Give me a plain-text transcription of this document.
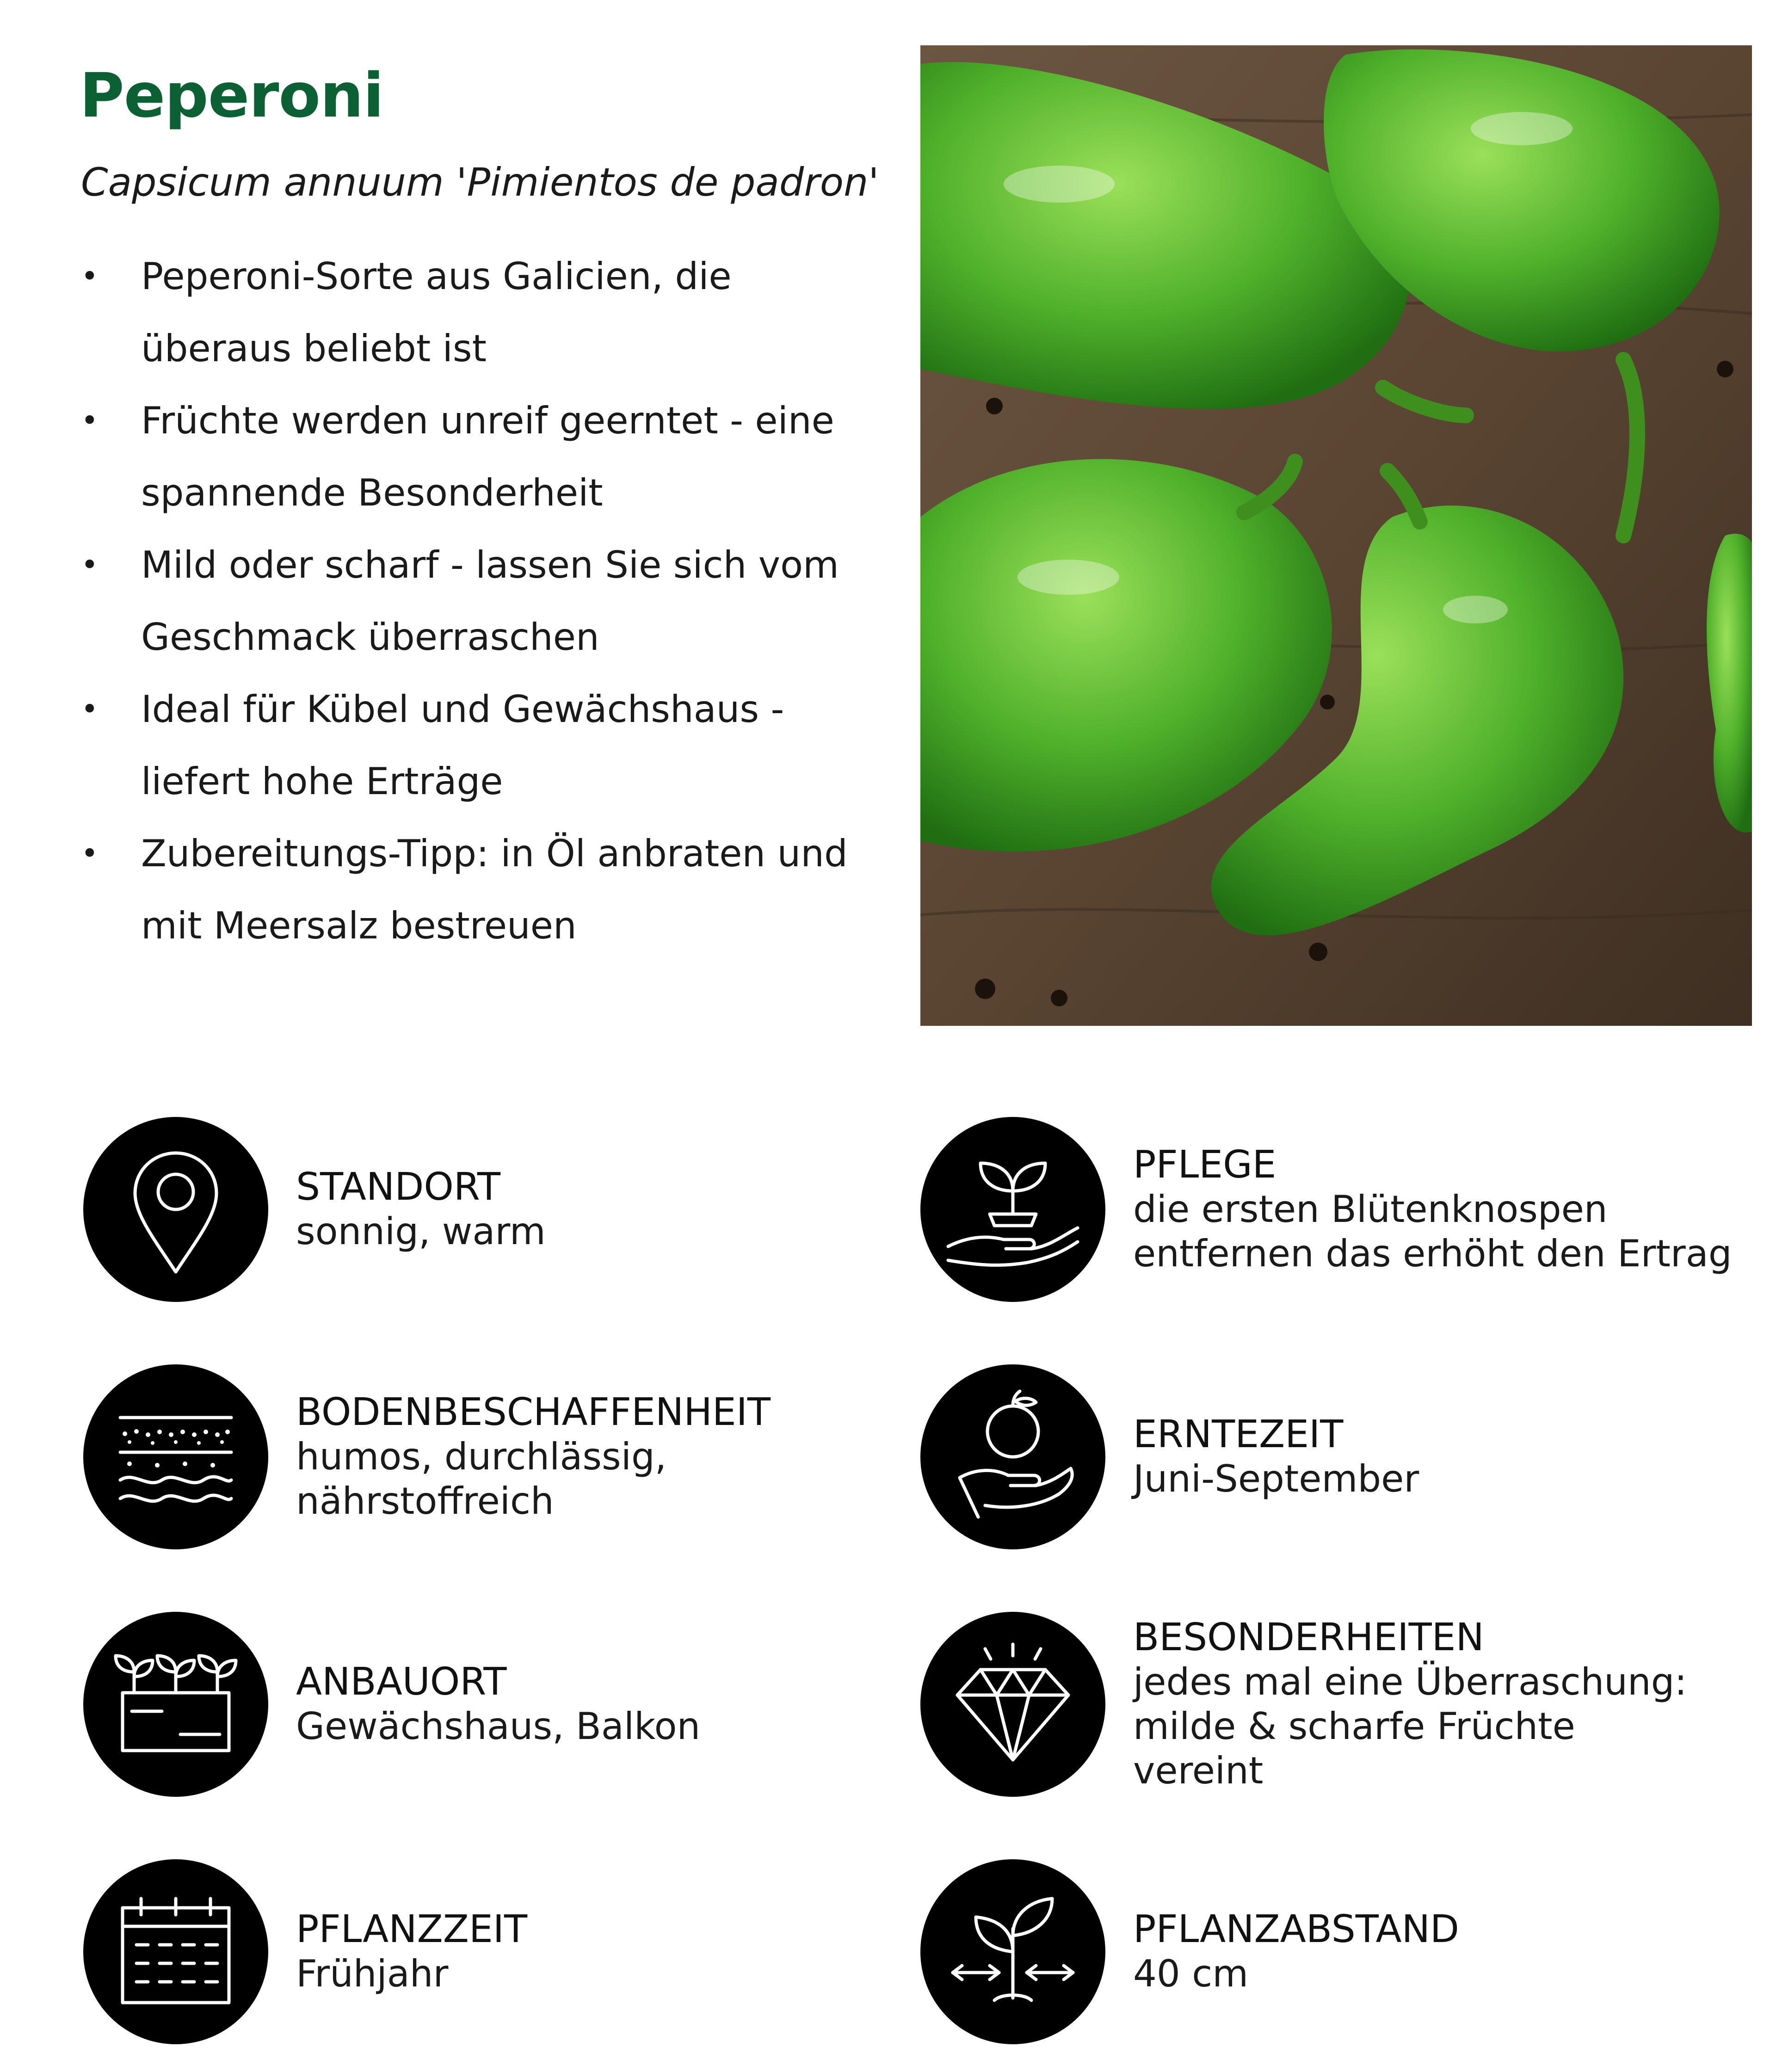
Peperoni

Capsicum annuum 'Pimientos de padron'

• Peperoni-Sorte aus Galicien, die überaus beliebt ist
• Früchte werden unreif geerntet - eine spannende Besonderheit
• Mild oder scharf - lassen Sie sich vom Geschmack überraschen
• Ideal für Kübel und Gewächshaus - liefert hohe Erträge
• Zubereitungs-Tipp: in Öl anbraten und mit Meersalz bestreuen
STANDORT
sonnig, warm
PFLEGE
die ersten Blütenknospen entfernen das erhöht den Ertrag
BODENBESCHAFFENHEIT
humos, durchlässig, nährstoffreich
ERNTEZEIT
Juni-September
ANBAUORT
Gewächshaus, Balkon
BESONDERHEITEN
jedes mal eine Überraschung: milde & scharfe Früchte vereint
PFLANZZEIT
Frühjahr
PFLANZABSTAND
40 cm
